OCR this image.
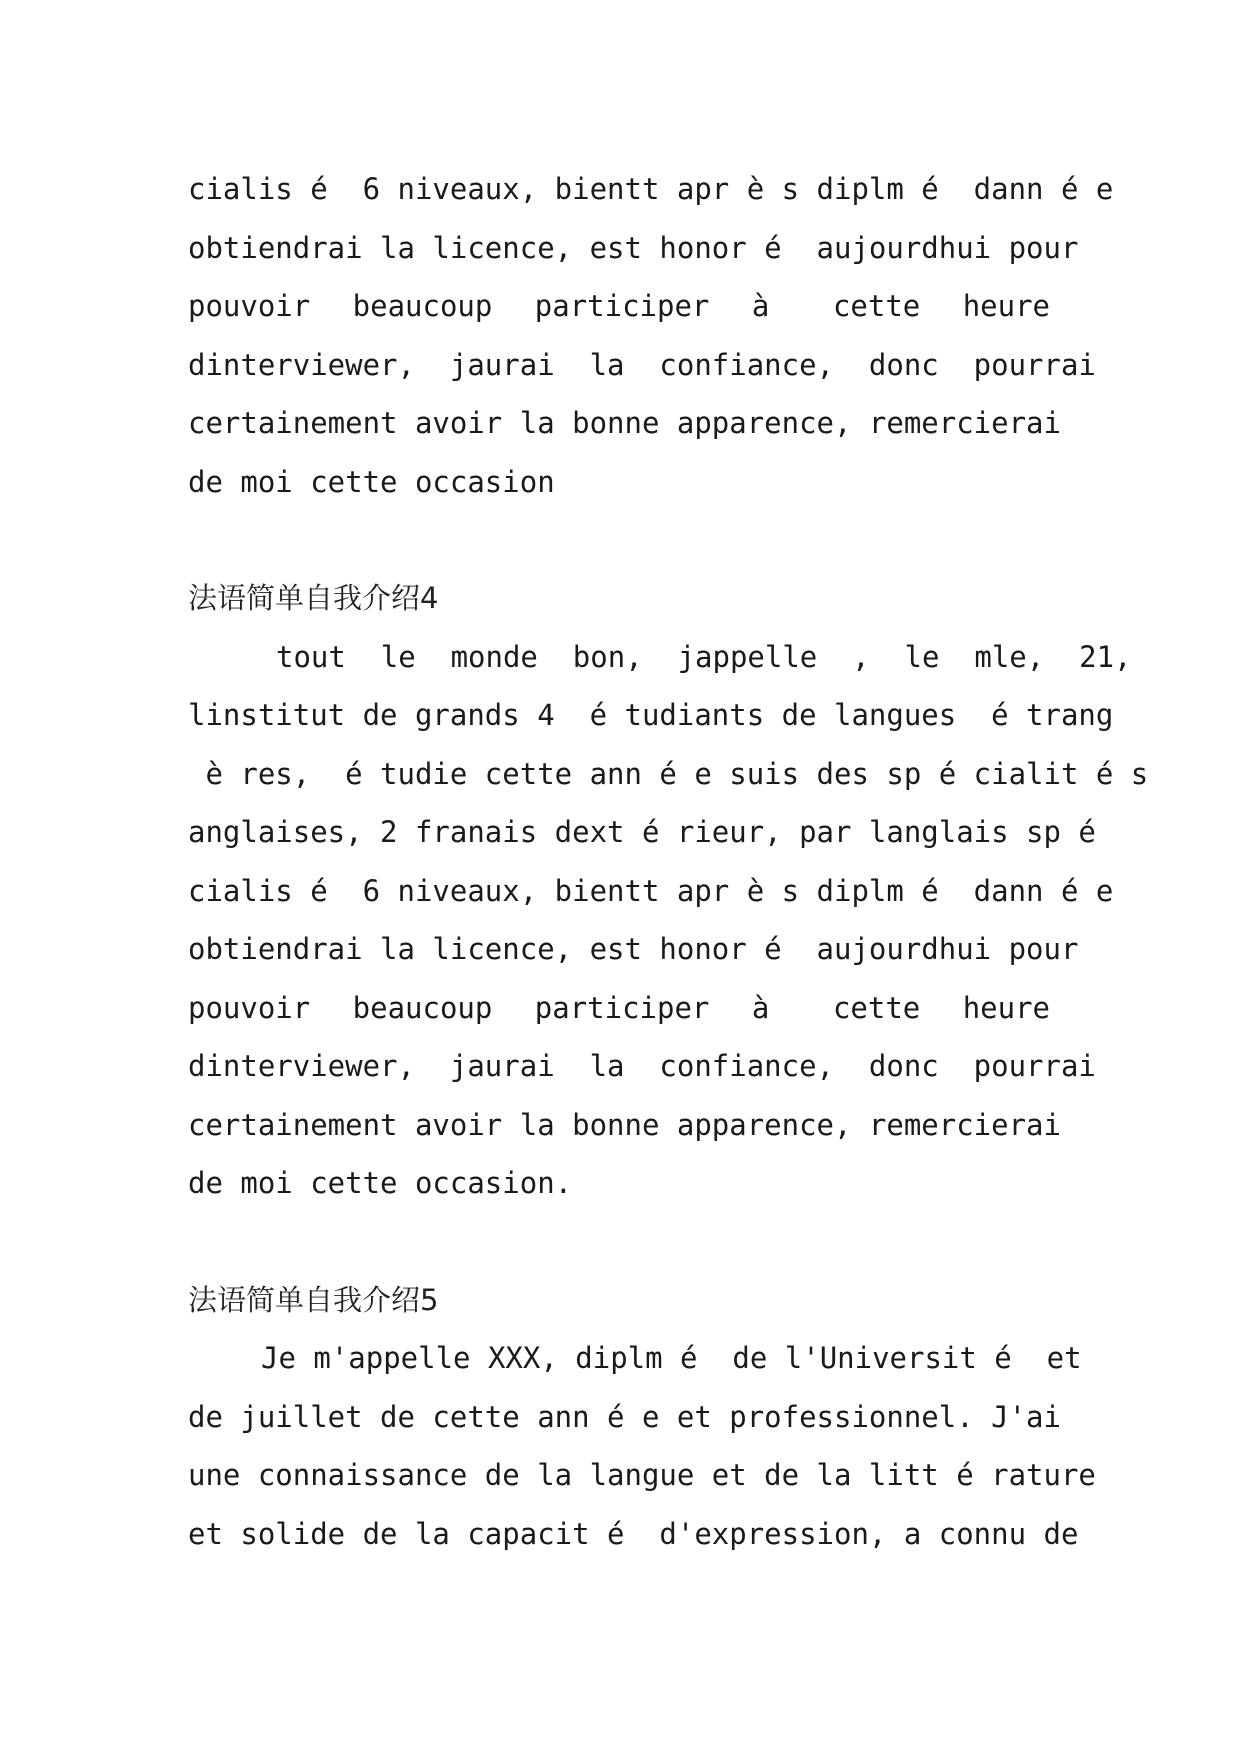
cialis é  6 niveaux, bientt apr è s diplm é  dann é e
obtiendrai la licence, est honor é  aujourdhui pour
pouvoir  beaucoup  participer  à   cette  heure
dinterviewer,  jaurai  la  confiance,  donc  pourrai
certainement avoir la bonne apparence, remercierai
de moi cette occasion
法语简单自我介绍4
tout  le  monde  bon,  jappelle  ,  le  mle,  21,
linstitut de grands 4  é tudiants de langues  é trang
è res,  é tudie cette ann é e suis des sp é cialit é s
anglaises, 2 franais dext é rieur, par langlais sp é
cialis é  6 niveaux, bientt apr è s diplm é  dann é e
obtiendrai la licence, est honor é  aujourdhui pour
pouvoir  beaucoup  participer  à   cette  heure
dinterviewer,  jaurai  la  confiance,  donc  pourrai
certainement avoir la bonne apparence, remercierai
de moi cette occasion.
法语简单自我介绍5
Je m'appelle XXX, diplm é  de l'Universit é  et
de juillet de cette ann é e et professionnel. J'ai
une connaissance de la langue et de la litt é rature
et solide de la capacit é  d'expression, a connu de
